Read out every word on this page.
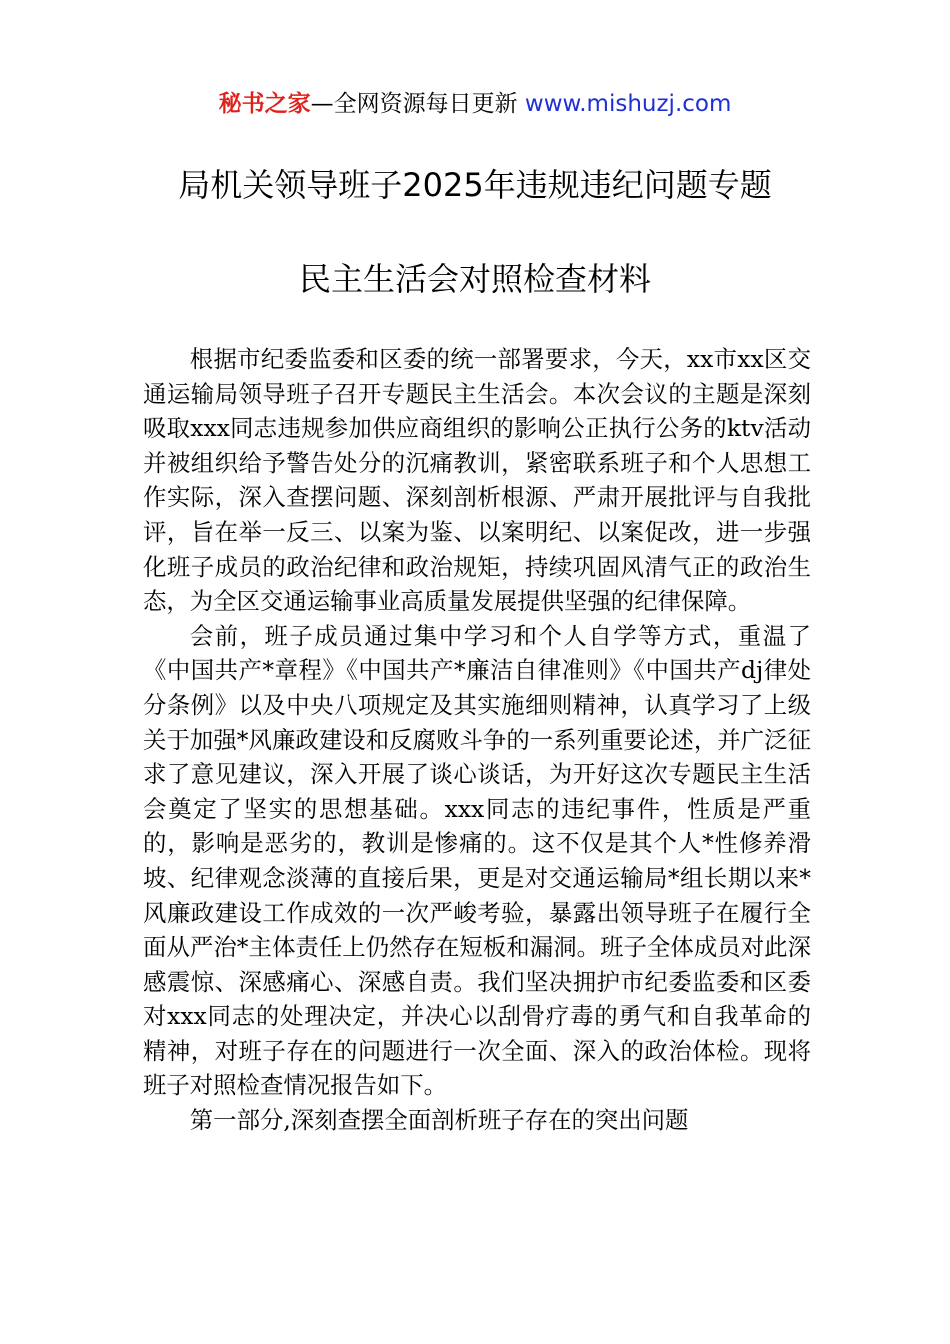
秘书之家—全网资源每日更新 www.mishuzj.com
局机关领导班子2025年违规违纪问题专题
民主生活会对照检查材料

根据市纪委监委和区委的统一部署要求，今天，xx市xx区交通运输局领导班子召开专题民主生活会。本次会议的主题是深刻吸取xxx同志违规参加供应商组织的影响公正执行公务的ktv活动并被组织给予警告处分的沉痛教训，紧密联系班子和个人思想工作实际，深入查摆问题、深刻剖析根源、严肃开展批评与自我批评，旨在举一反三、以案为鉴、以案明纪、以案促改，进一步强化班子成员的政治纪律和政治规矩，持续巩固风清气正的政治生态，为全区交通运输事业高质量发展提供坚强的纪律保障。

会前，班子成员通过集中学习和个人自学等方式，重温了《中国共产*章程》《中国共产*廉洁自律准则》《中国共产dj律处分条例》以及中央八项规定及其实施细则精神，认真学习了上级关于加强*风廉政建设和反腐败斗争的一系列重要论述，并广泛征求了意见建议，深入开展了谈心谈话，为开好这次专题民主生活会奠定了坚实的思想基础。xxx同志的违纪事件，性质是严重的，影响是恶劣的，教训是惨痛的。这不仅是其个人*性修养滑坡、纪律观念淡薄的直接后果，更是对交通运输局*组长期以来*风廉政建设工作成效的一次严峻考验，暴露出领导班子在履行全面从严治*主体责任上仍然存在短板和漏洞。班子全体成员对此深感震惊、深感痛心、深感自责。我们坚决拥护市纪委监委和区委对xxx同志的处理决定，并决心以刮骨疗毒的勇气和自我革命的精神，对班子存在的问题进行一次全面、深入的政治体检。现将班子对照检查情况报告如下。

第一部分,深刻查摆全面剖析班子存在的突出问题
